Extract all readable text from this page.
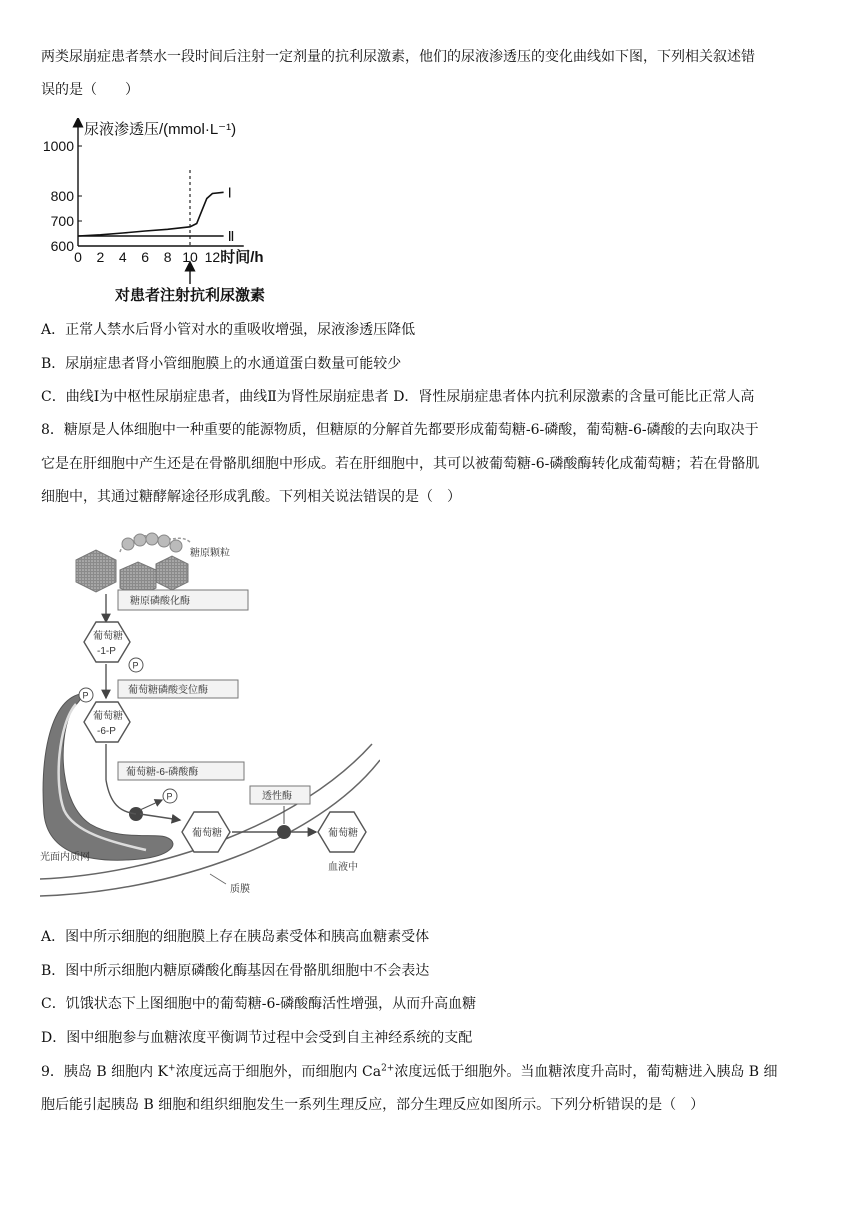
两类尿崩症患者禁水一段时间后注射一定剂量的抗利尿激素，他们的尿液渗透压的变化曲线如下图，下列相关叙述错
误的是（　　）
600
700
800
1000
0 2 4 6 8 10 12
Ⅰ
Ⅱ
尿液渗透压/(mmol·L⁻¹)
时间/h
对患者注射抗利尿激素
A．正常人禁水后肾小管对水的重吸收增强，尿液渗透压降低
B．尿崩症患者肾小管细胞膜上的水通道蛋白数量可能较少
C．曲线Ⅰ为中枢性尿崩症患者，曲线Ⅱ为肾性尿崩症患者 D．肾性尿崩症患者体内抗利尿激素的含量可能比正常人高
8．糖原是人体细胞中一种重要的能源物质，但糖原的分解首先都要形成葡萄糖-6-磷酸，葡萄糖-6-磷酸的去向取决于
它是在肝细胞中产生还是在骨骼肌细胞中形成。若在肝细胞中，其可以被葡萄糖-6-磷酸酶转化成葡萄糖；若在骨骼肌
细胞中，其通过糖酵解途径形成乳酸。下列相关说法错误的是（　）
糖原颗粒
糖原磷酸化酶
葡萄糖
-1-P
P
葡萄糖磷酸变位酶
P
葡萄糖
-6-P
葡萄糖-6-磷酸酶
P
葡萄糖
透性酶
葡萄糖
血液中
光面内质网
质膜
A．图中所示细胞的细胞膜上存在胰岛素受体和胰高血糖素受体
B．图中所示细胞内糖原磷酸化酶基因在骨骼肌细胞中不会表达
C．饥饿状态下上图细胞中的葡萄糖-6-磷酸酶活性增强，从而升高血糖
D．图中细胞参与血糖浓度平衡调节过程中会受到自主神经系统的支配
9．胰岛 B 细胞内 K+浓度远高于细胞外，而细胞内 $Ca^{2+}$浓度远低于细胞外。当血糖浓度升高时，葡萄糖进入胰岛 B 细
胞后能引起胰岛 B 细胞和组织细胞发生一系列生理反应，部分生理反应如图所示。下列分析错误的是（　）
